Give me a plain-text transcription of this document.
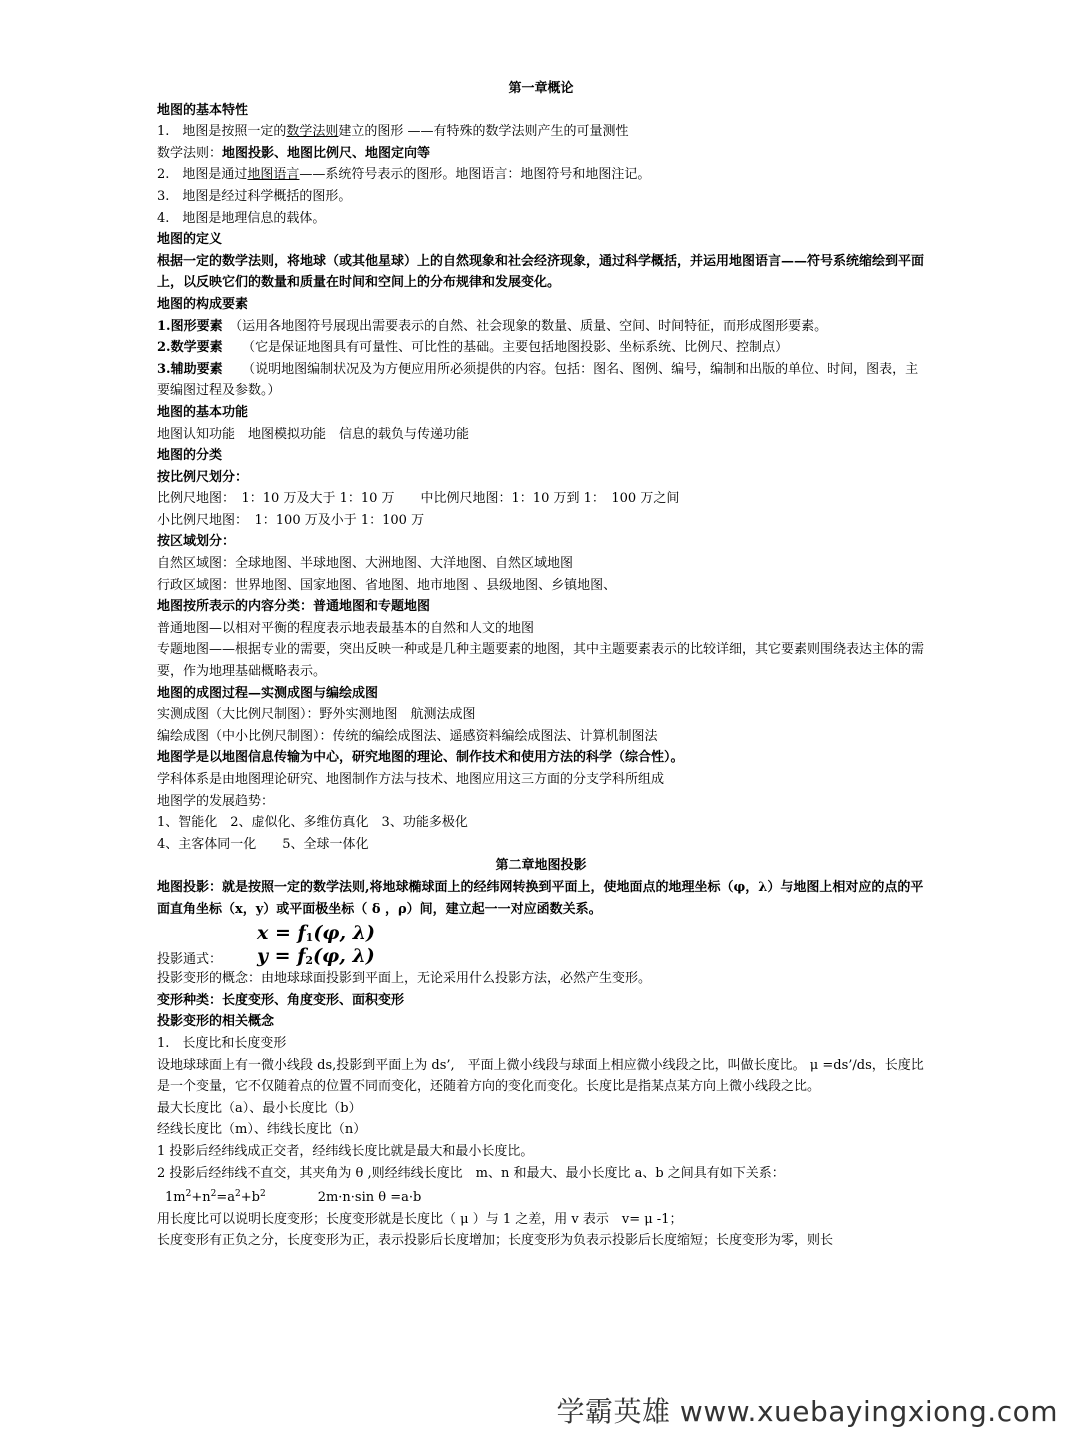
第一章概论
地图的基本特性
1.　地图是按照一定的数学法则建立的图形 ——有特殊的数学法则产生的可量测性
数学法则：地图投影、地图比例尺、地图定向等
2.　地图是通过地图语言——系统符号表示的图形。地图语言：地图符号和地图注记。
3.　地图是经过科学概括的图形。
4.　地图是地理信息的载体。
地图的定义
根据一定的数学法则，将地球（或其他星球）上的自然现象和社会经济现象，通过科学概括，并运用地图语言——符号系统缩绘到平面上，以反映它们的数量和质量在时间和空间上的分布规律和发展变化。
地图的构成要素
1.图形要素　 （运用各地图符号展现出需要表示的自然、社会现象的数量、质量、空间、时间特征，而形成图形要素。
2.数学要素　　 （它是保证地图具有可量性、可比性的基础。主要包括地图投影、坐标系统、比例尺、控制点）
3.辅助要素　　 （说明地图编制状况及为方便应用所必须提供的内容。包括：图名、图例、编号，编制和出版的单位、时间，图表，主要编图过程及参数。）
地图的基本功能
地图认知功能　地图模拟功能　信息的载负与传递功能
地图的分类
按比例尺划分：
比例尺地图：　1：10 万及大于 1：10 万　　中比例尺地图：1：10 万到 1：　100 万之间
小比例尺地图：　1：100 万及小于 1：100 万
按区域划分：
自然区域图：全球地图、半球地图、大洲地图、大洋地图、自然区域地图
行政区域图：世界地图、国家地图、省地图、地市地图 、县级地图、乡镇地图、
地图按所表示的内容分类：普通地图和专题地图
普通地图—以相对平衡的程度表示地表最基本的自然和人文的地图
专题地图——根据专业的需要，突出反映一种或是几种主题要素的地图，其中主题要素表示的比较详细，其它要素则围绕表达主体的需要，作为地理基础概略表示。
地图的成图过程—实测成图与编绘成图
实测成图（大比例尺制图）：野外实测地图　航测法成图
编绘成图（中小比例尺制图）：传统的编绘成图法、遥感资料编绘成图法、计算机制图法
地图学是以地图信息传输为中心，研究地图的理论、制作技术和使用方法的科学（综合性）。
学科体系是由地图理论研究、地图制作方法与技术、地图应用这三方面的分支学科所组成
地图学的发展趋势：
1、智能化　2、虚似化、多维仿真化　3、功能多极化
4、主客体同一化　　5、全球一体化
第二章地图投影
地图投影：就是按照一定的数学法则,将地球椭球面上的经纬网转换到平面上，使地面点的地理坐标（φ，λ）与地图上相对应的点的平面直角坐标（x，y）或平面极坐标（ δ ，ρ）间，建立起一一对应函数关系。
x = f1(φ, λ)
y = f2(φ, λ)
投影通式：
投影变形的概念：由地球球面投影到平面上，无论采用什么投影方法，必然产生变形。
变形种类：长度变形、角度变形、面积变形
投影变形的相关概念
1.　长度比和长度变形
设地球球面上有一微小线段 ds,投影到平面上为 ds’,　平面上微小线段与球面上相应微小线段之比，叫做长度比。 μ =ds’/ds，长度比是一个变量，它不仅随着点的位置不同而变化，还随着方向的变化而变化。长度比是指某点某方向上微小线段之比。
最大长度比（a）、最小长度比（b）
经线长度比（m）、纬线长度比（n）
1 投影后经纬线成正交者，经纬线长度比就是最大和最小长度比。
2 投影后经纬线不直交，其夹角为 θ ,则经纬线长度比　m、n 和最大、最小长度比 a、b 之间具有如下关系：
$1m^2+n^2=a^2+b^2$	2m·n·sin θ =a·b
用长度比可以说明长度变形；长度变形就是长度比（ μ ）与 1 之差，用 v 表示　v= μ -1；
长度变形有正负之分，长度变形为正，表示投影后长度增加；长度变形为负表示投影后长度缩短；长度变形为零，则长
学霸英雄 www.xuebayingxiong.com
